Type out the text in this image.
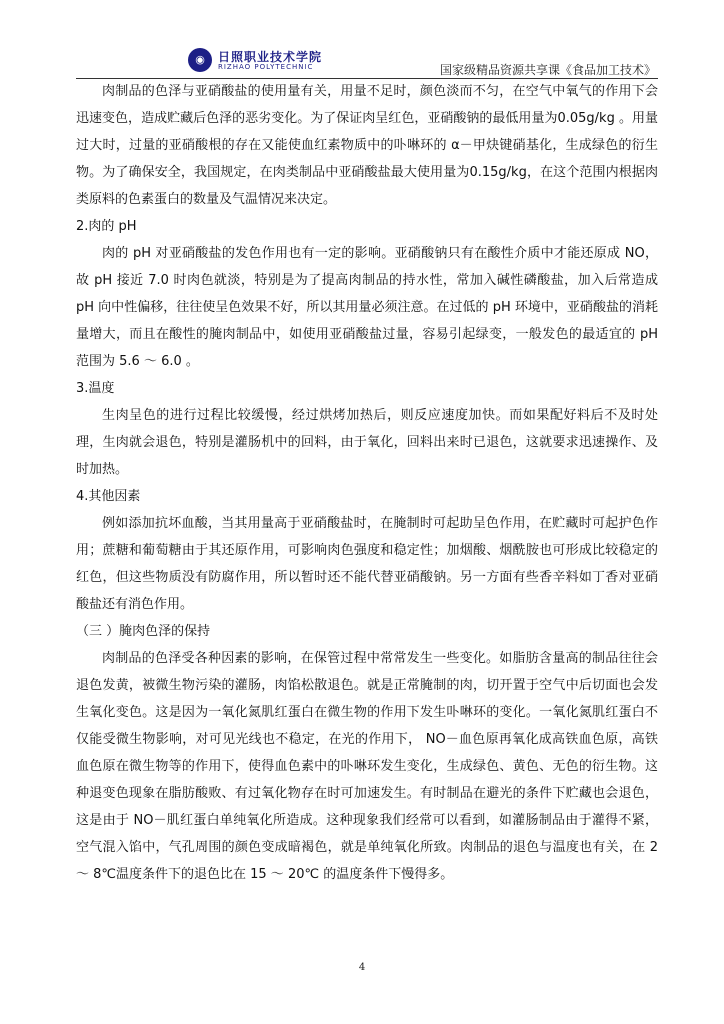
◉	日照职业技术学院
RIZHAO POLYTECHNIC	国家级精品资源共享课《食品加工技术》

肉制品的色泽与亚硝酸盐的使用量有关，用量不足时，颜色淡而不匀，在空气中氧气的作用下会迅速变色，造成贮藏后色泽的恶劣变化。为了保证肉呈红色，亚硝酸钠的最低用量为0.05g/kg 。用量过大时，过量的亚硝酸根的存在又能使血红素物质中的卟啉环的 α－甲炔键硝基化，生成绿色的衍生物。为了确保安全，我国规定，在肉类制品中亚硝酸盐最大使用量为0.15g/kg，在这个范围内根据肉类原料的色素蛋白的数量及气温情况来决定。

2.肉的 pH

肉的 pH 对亚硝酸盐的发色作用也有一定的影响。亚硝酸钠只有在酸性介质中才能还原成 NO，故 pH 接近 7.0 时肉色就淡，特别是为了提高肉制品的持水性，常加入碱性磷酸盐，加入后常造成 pH 向中性偏移，往往使呈色效果不好，所以其用量必须注意。在过低的 pH 环境中，亚硝酸盐的消耗量增大，而且在酸性的腌肉制品中，如使用亚硝酸盐过量，容易引起绿变，一般发色的最适宜的 pH 范围为 5.6 ～ 6.0 。

3.温度

生肉呈色的进行过程比较缓慢，经过烘烤加热后，则反应速度加快。而如果配好料后不及时处理，生肉就会退色，特别是灌肠机中的回料，由于氧化，回料出来时已退色，这就要求迅速操作、及时加热。

4.其他因素

例如添加抗坏血酸，当其用量高于亚硝酸盐时，在腌制时可起助呈色作用，在贮藏时可起护色作用；蔗糖和葡萄糖由于其还原作用，可影响肉色强度和稳定性；加烟酸、烟酰胺也可形成比较稳定的红色，但这些物质没有防腐作用，所以暂时还不能代替亚硝酸钠。另一方面有些香辛料如丁香对亚硝酸盐还有消色作用。

（三 ）腌肉色泽的保持

肉制品的色泽受各种因素的影响，在保管过程中常常发生一些变化。如脂肪含量高的制品往往会退色发黄，被微生物污染的灌肠，肉馅松散退色。就是正常腌制的肉，切开置于空气中后切面也会发生氧化变色。这是因为一氧化氮肌红蛋白在微生物的作用下发生卟啉环的变化。一氧化氮肌红蛋白不仅能受微生物影响，对可见光线也不稳定，在光的作用下， NO－血色原再氧化成高铁血色原，高铁血色原在微生物等的作用下，使得血色素中的卟啉环发生变化，生成绿色、黄色、无色的衍生物。这种退变色现象在脂肪酸败、有过氧化物存在时可加速发生。有时制品在避光的条件下贮藏也会退色，这是由于 NO－肌红蛋白单纯氧化所造成。这种现象我们经常可以看到，如灌肠制品由于灌得不紧，空气混入馅中，气孔周围的颜色变成暗褐色，就是单纯氧化所致。肉制品的退色与温度也有关，在 2 ～ 8℃温度条件下的退色比在 15 ～ 20℃ 的温度条件下慢得多。

4
